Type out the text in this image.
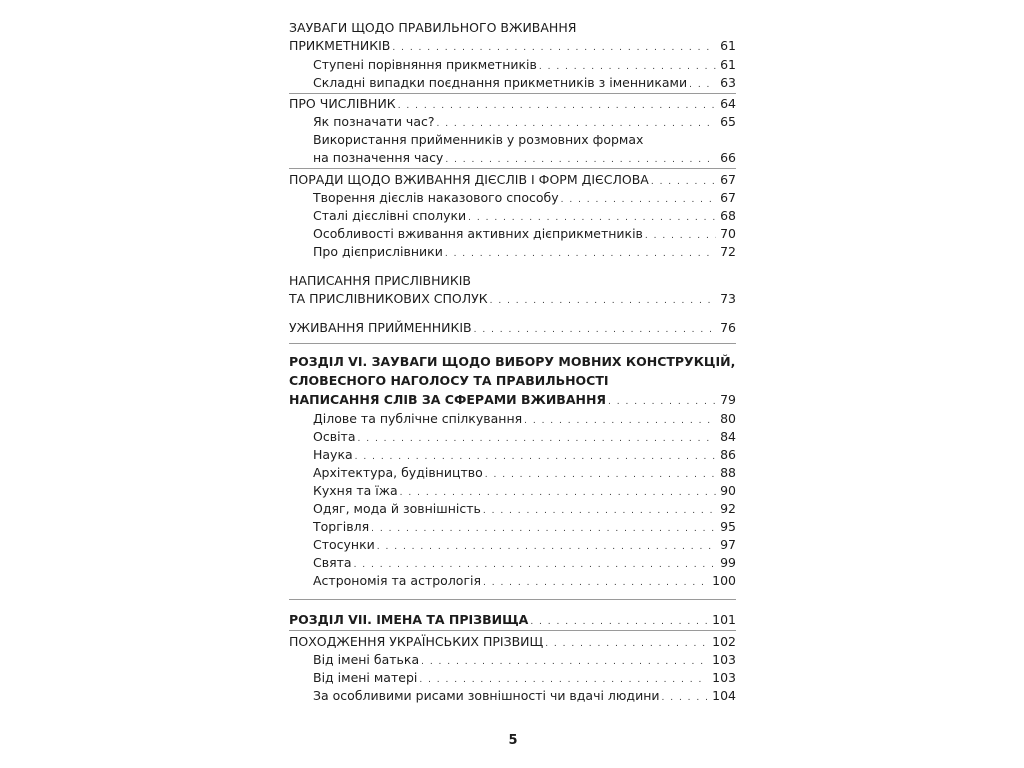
ЗАУВАГИ ЩОДО ПРАВИЛЬНОГО ВЖИВАННЯ
ПРИКМЕТНИКІВ . . .	61
Ступені порівняння прикметників . . .	61
Складні випадки поєднання прикметників з іменниками . . .	63
ПРО ЧИСЛІВНИК . . .	64
Як позначати час? . . .	65
Використання прийменників у розмовних формах
на позначення часу . . .	66
ПОРАДИ ЩОДО ВЖИВАННЯ ДІЄСЛІВ І ФОРМ ДІЄСЛОВА . . .	67
Творення дієслів наказового способу . . .	67
Сталі дієслівні сполуки . . .	68
Особливості вживання активних дієприкметників . . .	70
Про дієприслівники . . .	72
НАПИСАННЯ ПРИСЛІВНИКІВ
ТА ПРИСЛІВНИКОВИХ СПОЛУК . . .	73
УЖИВАННЯ ПРИЙМЕННИКІВ . . .	76
РОЗДІЛ VI. ЗАУВАГИ ЩОДО ВИБОРУ МОВНИХ КОНСТРУКЦІЙ,
СЛОВЕСНОГО НАГОЛОСУ ТА ПРАВИЛЬНОСТІ
НАПИСАННЯ СЛІВ ЗА СФЕРАМИ ВЖИВАННЯ . . .	79
Ділове та публічне спілкування . . .	80
Освіта . . .	84
Наука . . .	86
Архітектура, будівництво . . .	88
Кухня та їжа . . .	90
Одяг, мода й зовнішність . . .	92
Торгівля . . .	95
Стосунки . . .	97
Свята . . .	99
Астрономія та астрологія . . .	100
РОЗДІЛ VII. ІМЕНА ТА ПРІЗВИЩА . . .	101
ПОХОДЖЕННЯ УКРАЇНСЬКИХ ПРІЗВИЩ . . .	102
Від імені батька . . .	103
Від імені матері . . .	103
За особливими рисами зовнішності чи вдачі людини . . .	104
5
